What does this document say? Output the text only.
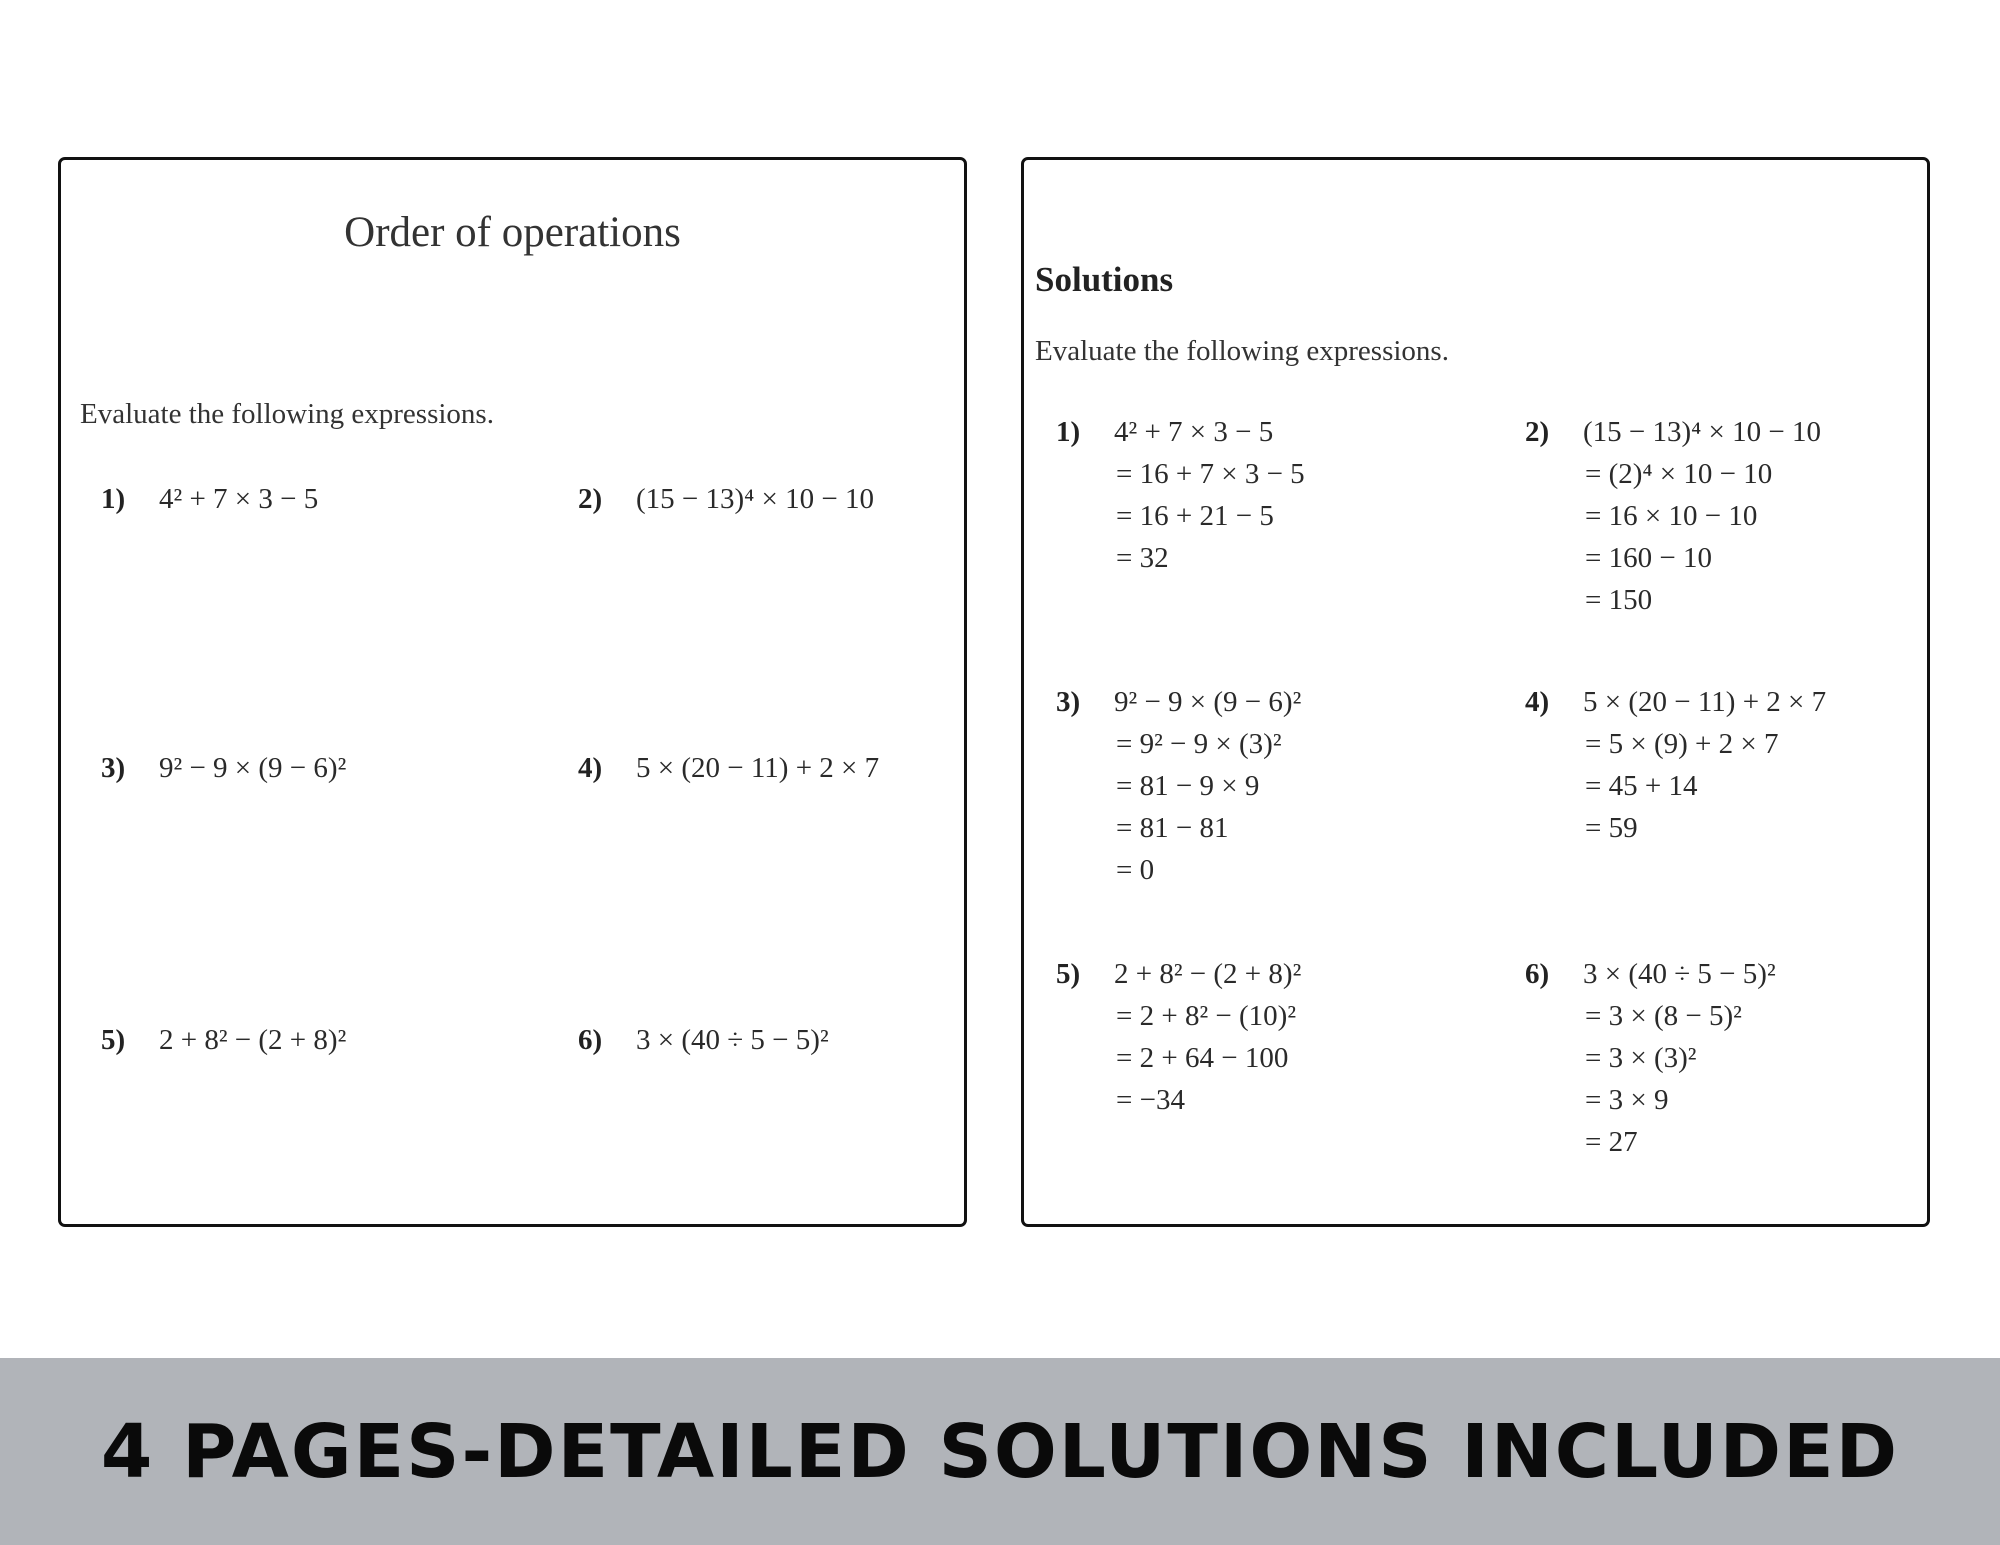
Order of operations
Evaluate the following expressions.
1) 4² + 7 × 3 − 5	2) (15 − 13)⁴ × 10 − 10
3) 9² − 9 × (9 − 6)²	4) 5 × (20 − 11) + 2 × 7
5) 2 + 8² − (2 + 8)²	6) 3 × (40 ÷ 5 − 5)²
Solutions
Evaluate the following expressions.
1) 4² + 7 × 3 − 5
= 16 + 7 × 3 − 5
= 16 + 21 − 5
= 32
2) (15 − 13)⁴ × 10 − 10
= (2)⁴ × 10 − 10
= 16 × 10 − 10
= 160 − 10
= 150
3) 9² − 9 × (9 − 6)²
= 9² − 9 × (3)²
= 81 − 9 × 9
= 81 − 81
= 0
4) 5 × (20 − 11) + 2 × 7
= 5 × (9) + 2 × 7
= 45 + 14
= 59
5) 2 + 8² − (2 + 8)²
= 2 + 8² − (10)²
= 2 + 64 − 100
= −34
6) 3 × (40 ÷ 5 − 5)²
= 3 × (8 − 5)²
= 3 × (3)²
= 3 × 9
= 27
4 PAGES-DETAILED SOLUTIONS INCLUDED
